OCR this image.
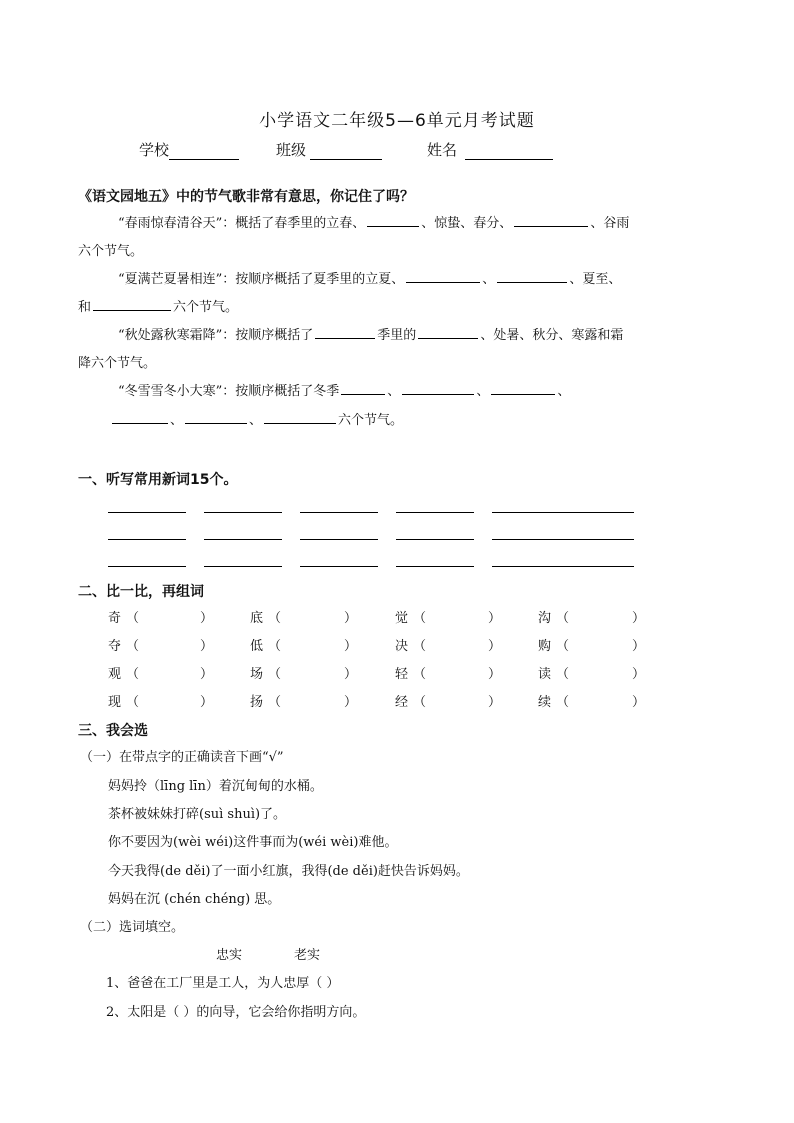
小学语文二年级5—6单元月考试题
学校	班级	姓名
《语文园地五》中的节气歌非常有意思，你记住了吗？
“春雨惊春清谷天”：概括了春季里的立春、	、惊蛰、春分、	、谷雨
六个节气。
“夏满芒夏暑相连”：按顺序概括了夏季里的立夏、	、	、夏至、
和	六个节气。
“秋处露秋寒霜降”：按顺序概括了	季里的	、处暑、秋分、寒露和霜
降六个节气。
“冬雪雪冬小大寒”：按顺序概括了冬季	、	、	、
、	、	六个节气。
一、听写常用新词15个。
二、比一比，再组词
奇 （	）	底 （	）	觉 （	）	沟 （	）
夺 （	）	低 （	）	决 （	）	购 （	）
观 （	）	场 （	）	轻 （	）	读 （	）
现 （	）	扬 （	）	经 （	）	续 （	）
三、我会选
（一）在带点字的正确读音下画“√”
妈妈拎（līng līn）着沉甸甸的水桶。
茶杯被妹妹打碎(suì shuì)了。
你不要因为(wèi wéi)这件事而为(wéi wèi)难他。
今天我得(de děi)了一面小红旗，我得(de děi)赶快告诉妈妈。
妈妈在沉 (chén chéng) 思。
（二）选词填空。
忠实	老实
1、爸爸在工厂里是工人，为人忠厚（ ）
2、太阳是（ ）的向导，它会给你指明方向。
